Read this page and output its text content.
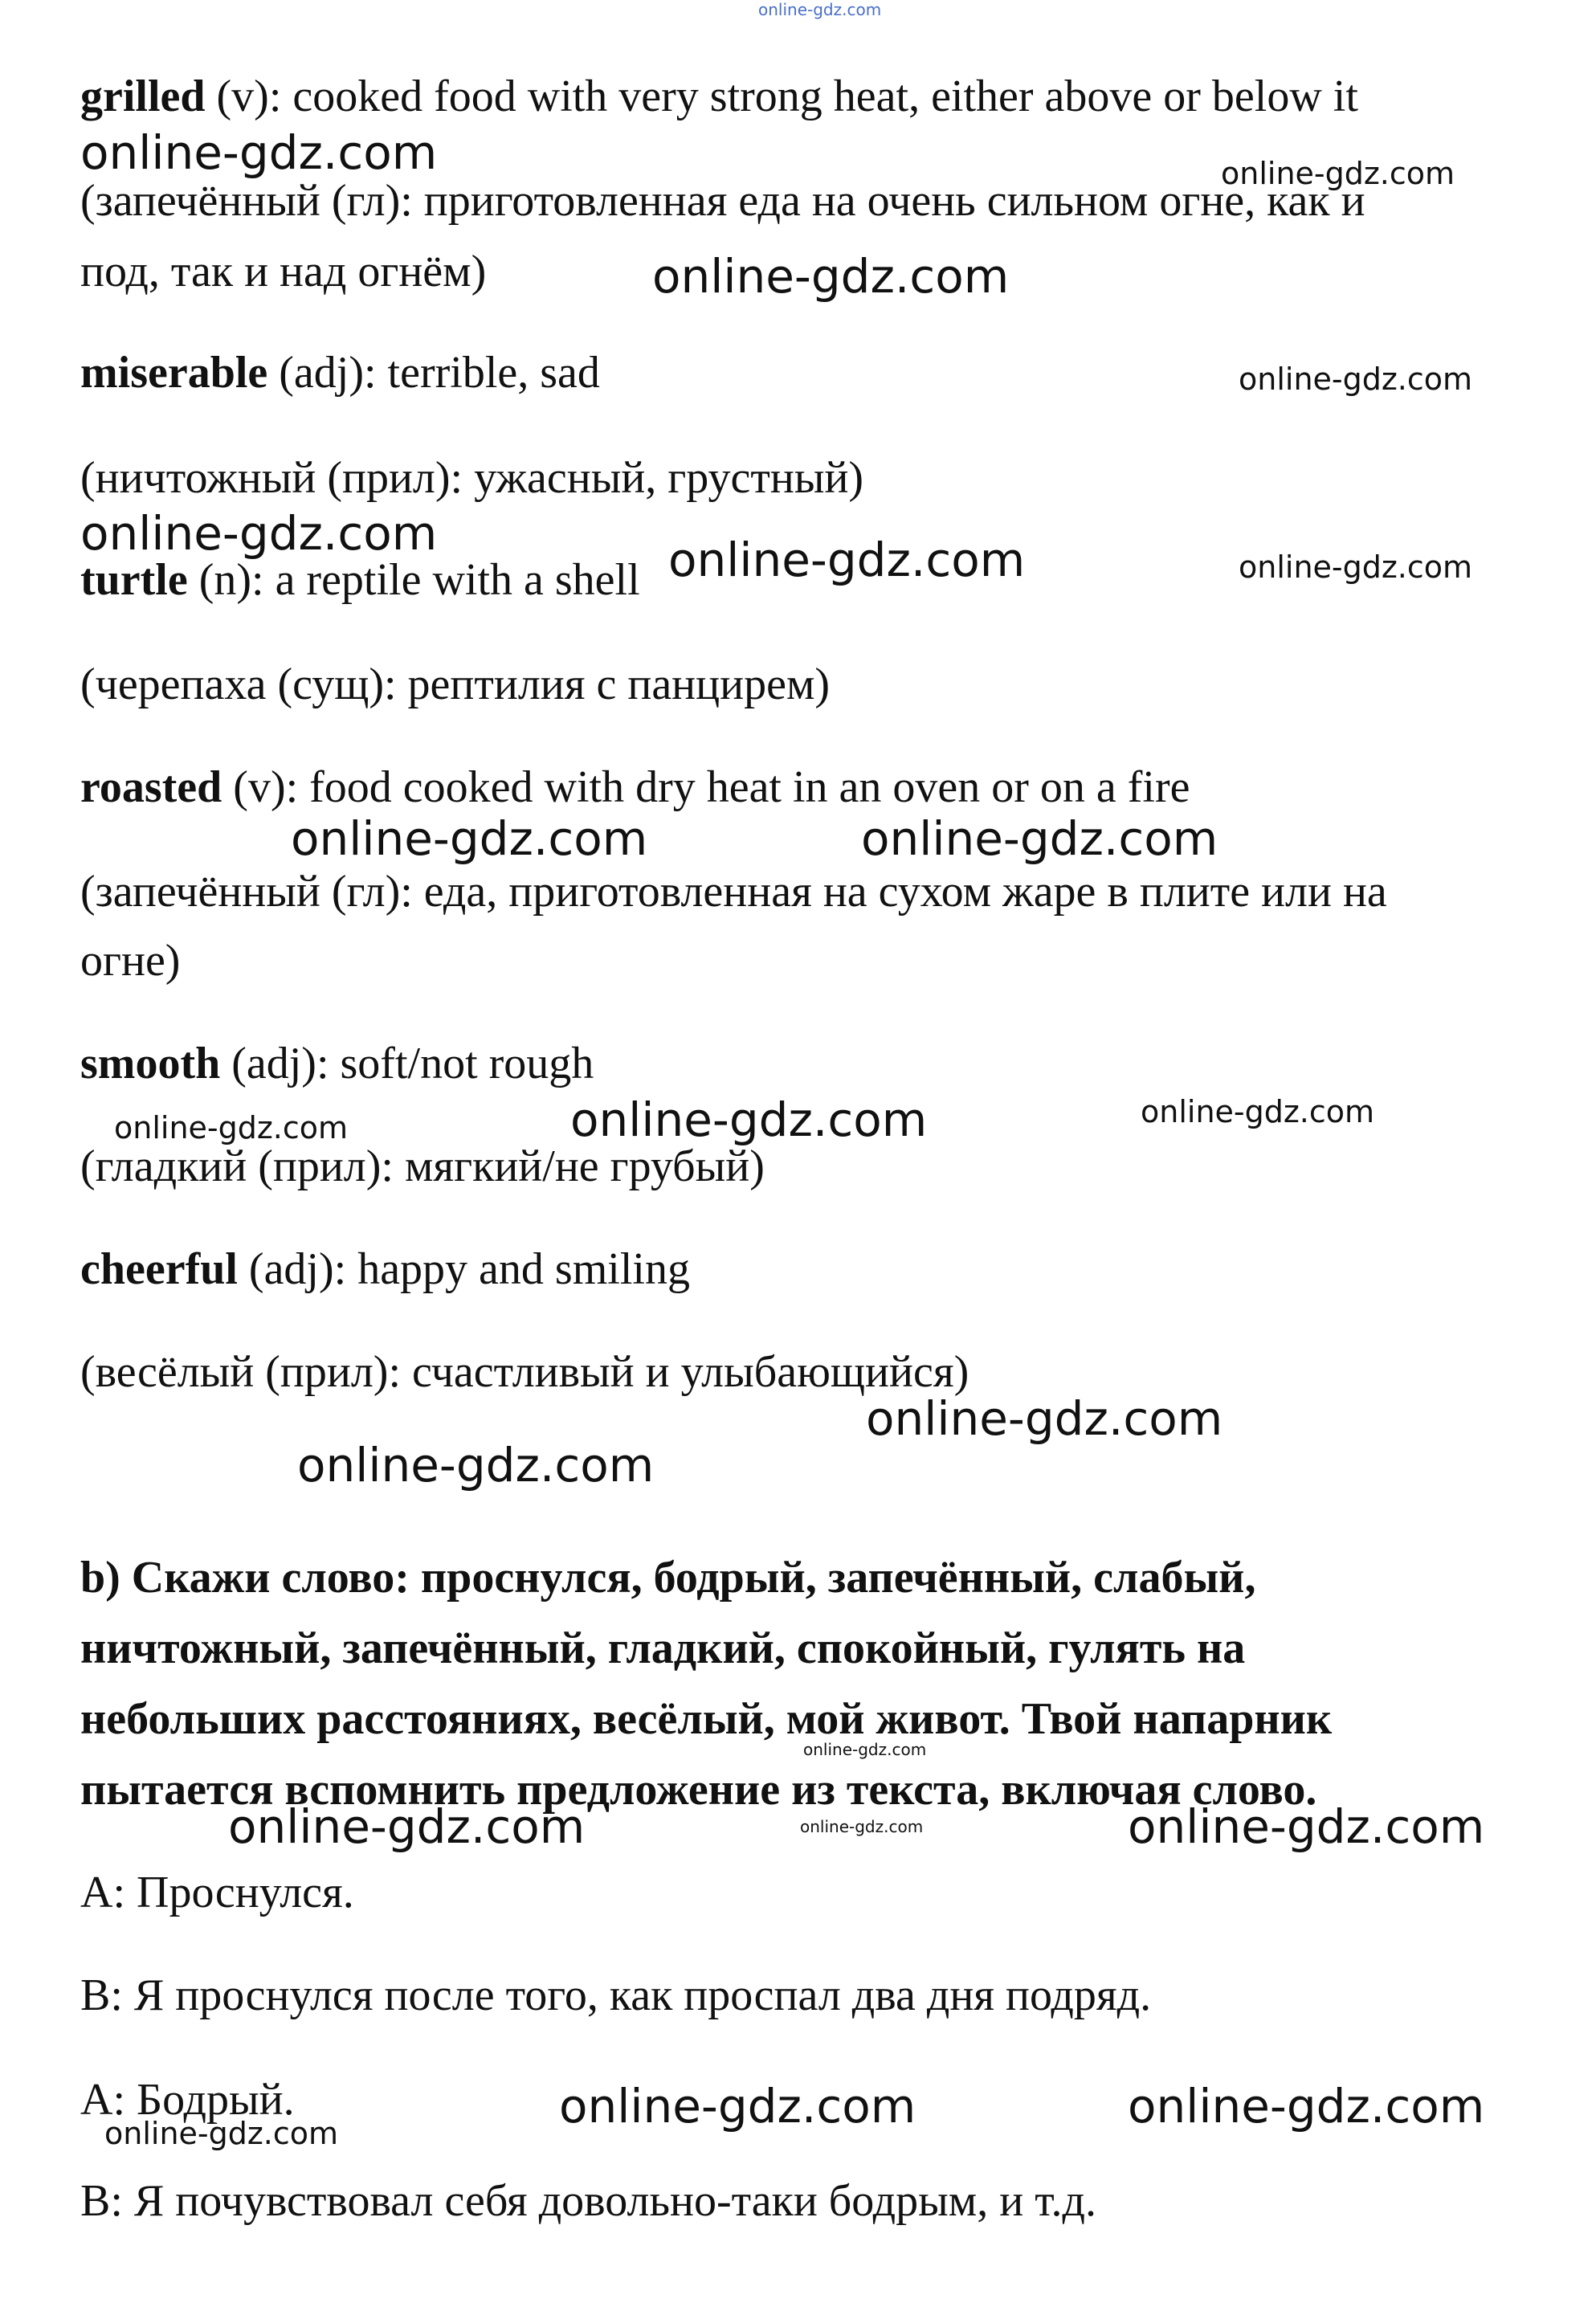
online-gdz.com
grilled (v): cooked food with very strong heat, either above or below it
online-gdz.com	online-gdz.com
(запечённый (гл): приготовленная еда на очень сильном огне, как и
под, так и над огнём)	online-gdz.com
miserable (adj): terrible, sad	online-gdz.com
(ничтожный (прил): ужасный, грустный)
online-gdz.com
turtle (n): a reptile with a shell online-gdz.com	online-gdz.com
(черепаха (сущ): рептилия с панцирем)
roasted (v): food cooked with dry heat in an oven or on a fire
online-gdz.com	online-gdz.com
(запечённый (гл): еда, приготовленная на сухом жаре в плите или на
огне)
smooth (adj): soft/not rough
online-gdz.com	online-gdz.com	online-gdz.com
(гладкий (прил): мягкий/не грубый)
cheerful (adj): happy and smiling
(весёлый (прил): счастливый и улыбающийся)
online-gdz.com
online-gdz.com
b) Скажи слово: проснулся, бодрый, запечённый, слабый,
ничтожный, запечённый, гладкий, спокойный, гулять на
небольших расстояниях, весёлый, мой живот. Твой напарник
online-gdz.com
пытается вспомнить предложение из текста, включая слово.
online-gdz.com	online-gdz.com	online-gdz.com
A: Проснулся.
B: Я проснулся после того, как проспал два дня подряд.
A: Бодрый.	online-gdz.com	online-gdz.com
online-gdz.com
B: Я почувствовал себя довольно-таки бодрым, и т.д.
